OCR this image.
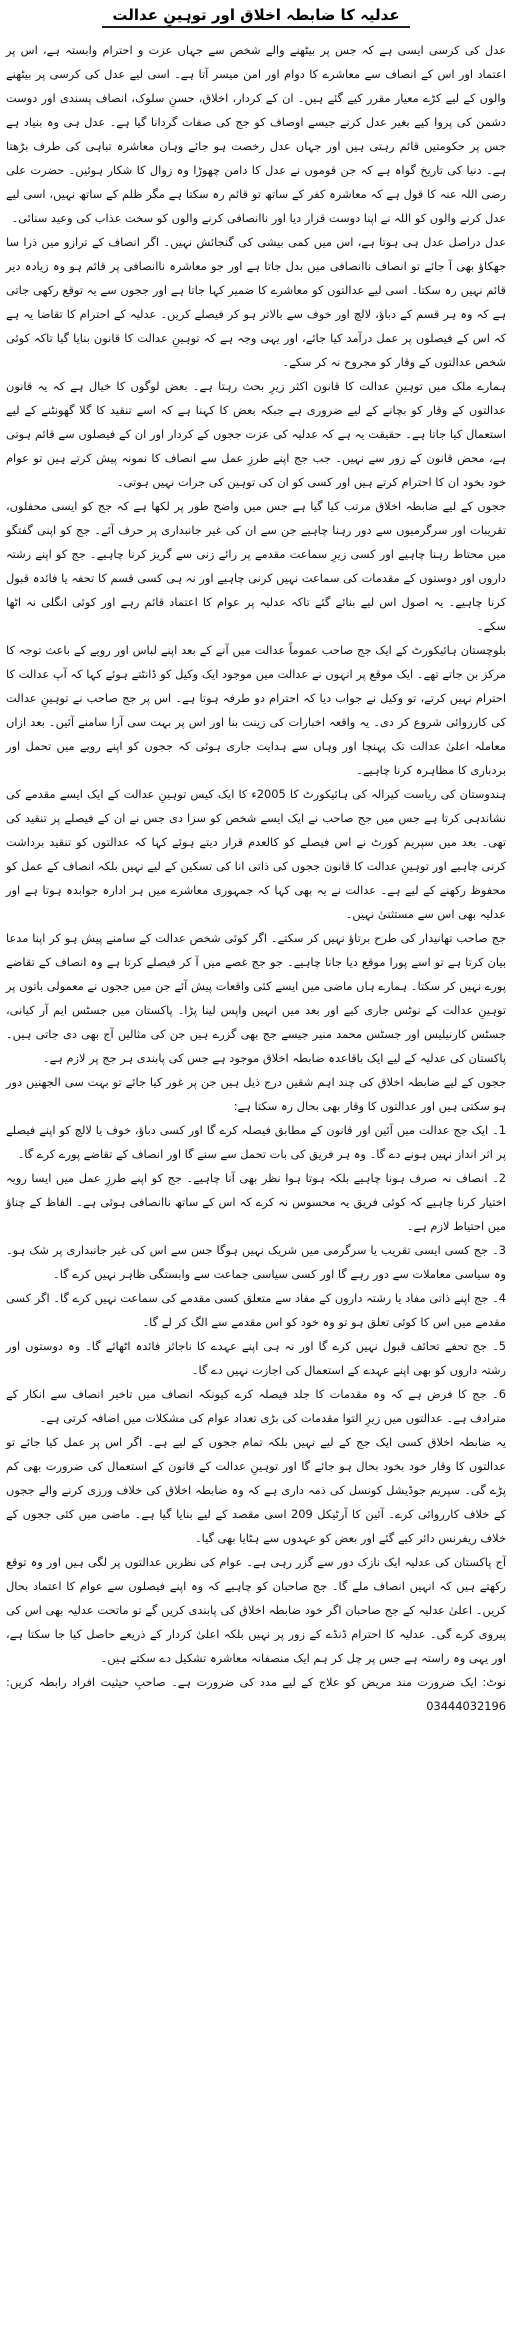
عدلیہ کا ضابطہ اخلاق اور توہینِ عدالت

عدل کی کرسی ایسی ہے کہ جس پر بیٹھنے والے شخص سے جہاں عزت و احترام وابستہ ہے، اس پر اعتماد اور اس کے انصاف سے معاشرے کا دوام اور امن میسر آتا ہے۔ اسی لیے عدل کی کرسی پر بیٹھنے والوں کے لیے کڑے معیار مقرر کیے گئے ہیں۔ ان کے کردار، اخلاق، حسنِ سلوک، انصاف پسندی اور دوست دشمن کی پروا کیے بغیر عدل کرنے جیسے اوصاف کو جج کی صفات گردانا گیا ہے۔ عدل ہی وہ بنیاد ہے جس پر حکومتیں قائم رہتی ہیں اور جہاں عدل رخصت ہو جائے وہاں معاشرہ تباہی کی طرف بڑھتا ہے۔ دنیا کی تاریخ گواہ ہے کہ جن قوموں نے عدل کا دامن چھوڑا وہ زوال کا شکار ہوئیں۔ حضرت علی رضی اللہ عنہ کا قول ہے کہ معاشرہ کفر کے ساتھ تو قائم رہ سکتا ہے مگر ظلم کے ساتھ نہیں، اسی لیے عدل کرنے والوں کو اللہ نے اپنا دوست قرار دیا اور ناانصافی کرنے والوں کو سخت عذاب کی وعید سنائی۔

عدل دراصل عدل ہی ہوتا ہے، اس میں کمی بیشی کی گنجائش نہیں۔ اگر انصاف کے ترازو میں ذرا سا جھکاؤ بھی آ جائے تو انصاف ناانصافی میں بدل جاتا ہے اور جو معاشرہ ناانصافی پر قائم ہو وہ زیادہ دیر قائم نہیں رہ سکتا۔ اسی لیے عدالتوں کو معاشرے کا ضمیر کہا جاتا ہے اور ججوں سے یہ توقع رکھی جاتی ہے کہ وہ ہر قسم کے دباؤ، لالچ اور خوف سے بالاتر ہو کر فیصلے کریں۔ عدلیہ کے احترام کا تقاضا یہ ہے کہ اس کے فیصلوں پر عمل درآمد کیا جائے، اور یہی وجہ ہے کہ توہینِ عدالت کا قانون بنایا گیا تاکہ کوئی شخص عدالتوں کے وقار کو مجروح نہ کر سکے۔

ہمارے ملک میں توہینِ عدالت کا قانون اکثر زیرِ بحث رہتا ہے۔ بعض لوگوں کا خیال ہے کہ یہ قانون عدالتوں کے وقار کو بچانے کے لیے ضروری ہے جبکہ بعض کا کہنا ہے کہ اسے تنقید کا گلا گھونٹنے کے لیے استعمال کیا جاتا ہے۔ حقیقت یہ ہے کہ عدلیہ کی عزت ججوں کے کردار اور ان کے فیصلوں سے قائم ہوتی ہے، محض قانون کے زور سے نہیں۔ جب جج اپنے طرزِ عمل سے انصاف کا نمونہ پیش کرتے ہیں تو عوام خود بخود ان کا احترام کرتے ہیں اور کسی کو ان کی توہین کی جرات نہیں ہوتی۔

ججوں کے لیے ضابطہ اخلاق مرتب کیا گیا ہے جس میں واضح طور پر لکھا ہے کہ جج کو ایسی محفلوں، تقریبات اور سرگرمیوں سے دور رہنا چاہیے جن سے ان کی غیر جانبداری پر حرف آئے۔ جج کو اپنی گفتگو میں محتاط رہنا چاہیے اور کسی زیرِ سماعت مقدمے پر رائے زنی سے گریز کرنا چاہیے۔ جج کو اپنے رشتہ داروں اور دوستوں کے مقدمات کی سماعت نہیں کرنی چاہیے اور نہ ہی کسی قسم کا تحفہ یا فائدہ قبول کرنا چاہیے۔ یہ اصول اس لیے بنائے گئے تاکہ عدلیہ پر عوام کا اعتماد قائم رہے اور کوئی انگلی نہ اٹھا سکے۔

بلوچستان ہائیکورٹ کے ایک جج صاحب عموماً عدالت میں آنے کے بعد اپنے لباس اور رویے کے باعث توجہ کا مرکز بن جاتے تھے۔ ایک موقع پر انہوں نے عدالت میں موجود ایک وکیل کو ڈانٹتے ہوئے کہا کہ آپ عدالت کا احترام نہیں کرتے، تو وکیل نے جواب دیا کہ احترام دو طرفہ ہوتا ہے۔ اس پر جج صاحب نے توہینِ عدالت کی کارروائی شروع کر دی۔ یہ واقعہ اخبارات کی زینت بنا اور اس پر بہت سی آرا سامنے آئیں۔ بعد ازاں معاملہ اعلیٰ عدالت تک پہنچا اور وہاں سے ہدایت جاری ہوئی کہ ججوں کو اپنے رویے میں تحمل اور بردباری کا مظاہرہ کرنا چاہیے۔

ہندوستان کی ریاست کیرالہ کی ہائیکورٹ کا 2005ء کا ایک کیس توہینِ عدالت کے ایک ایسے مقدمے کی نشاندہی کرتا ہے جس میں جج صاحب نے ایک ایسے شخص کو سزا دی جس نے ان کے فیصلے پر تنقید کی تھی۔ بعد میں سپریم کورٹ نے اس فیصلے کو کالعدم قرار دیتے ہوئے کہا کہ عدالتوں کو تنقید برداشت کرنی چاہیے اور توہینِ عدالت کا قانون ججوں کی ذاتی انا کی تسکین کے لیے نہیں بلکہ انصاف کے عمل کو محفوظ رکھنے کے لیے ہے۔ عدالت نے یہ بھی کہا کہ جمہوری معاشرے میں ہر ادارہ جوابدہ ہوتا ہے اور عدلیہ بھی اس سے مستثنیٰ نہیں۔

جج صاحب تھانیدار کی طرح برتاؤ نہیں کر سکتے۔ اگر کوئی شخص عدالت کے سامنے پیش ہو کر اپنا مدعا بیان کرتا ہے تو اسے پورا موقع دیا جانا چاہیے۔ جو جج غصے میں آ کر فیصلے کرتا ہے وہ انصاف کے تقاضے پورے نہیں کر سکتا۔ ہمارے ہاں ماضی میں ایسے کئی واقعات پیش آئے جن میں ججوں نے معمولی باتوں پر توہینِ عدالت کے نوٹس جاری کیے اور بعد میں انہیں واپس لینا پڑا۔ پاکستان میں جسٹس ایم آر کیانی، جسٹس کارنیلیس اور جسٹس محمد منیر جیسے جج بھی گزرے ہیں جن کی مثالیں آج بھی دی جاتی ہیں۔ پاکستان کی عدلیہ کے لیے ایک باقاعدہ ضابطہ اخلاق موجود ہے جس کی پابندی ہر جج پر لازم ہے۔

ججوں کے لیے ضابطہ اخلاق کی چند اہم شقیں درج ذیل ہیں جن پر غور کیا جائے تو بہت سی الجھنیں دور ہو سکتی ہیں اور عدالتوں کا وقار بھی بحال رہ سکتا ہے:

1۔ ایک جج عدالت میں آئین اور قانون کے مطابق فیصلہ کرے گا اور کسی دباؤ، خوف یا لالچ کو اپنے فیصلے پر اثر انداز نہیں ہونے دے گا۔ وہ ہر فریق کی بات تحمل سے سنے گا اور انصاف کے تقاضے پورے کرے گا۔

2۔ انصاف نہ صرف ہونا چاہیے بلکہ ہوتا ہوا نظر بھی آنا چاہیے۔ جج کو اپنے طرزِ عمل میں ایسا رویہ اختیار کرنا چاہیے کہ کوئی فریق یہ محسوس نہ کرے کہ اس کے ساتھ ناانصافی ہوئی ہے۔ الفاظ کے چناؤ میں احتیاط لازم ہے۔

3۔ جج کسی ایسی تقریب یا سرگرمی میں شریک نہیں ہوگا جس سے اس کی غیر جانبداری پر شک ہو۔ وہ سیاسی معاملات سے دور رہے گا اور کسی سیاسی جماعت سے وابستگی ظاہر نہیں کرے گا۔

4۔ جج اپنے ذاتی مفاد یا رشتہ داروں کے مفاد سے متعلق کسی مقدمے کی سماعت نہیں کرے گا۔ اگر کسی مقدمے میں اس کا کوئی تعلق ہو تو وہ خود کو اس مقدمے سے الگ کر لے گا۔

5۔ جج تحفے تحائف قبول نہیں کرے گا اور نہ ہی اپنے عہدے کا ناجائز فائدہ اٹھائے گا۔ وہ دوستوں اور رشتہ داروں کو بھی اپنے عہدے کے استعمال کی اجازت نہیں دے گا۔

6۔ جج کا فرض ہے کہ وہ مقدمات کا جلد فیصلہ کرے کیونکہ انصاف میں تاخیر انصاف سے انکار کے مترادف ہے۔ عدالتوں میں زیرِ التوا مقدمات کی بڑی تعداد عوام کی مشکلات میں اضافہ کرتی ہے۔

یہ ضابطہ اخلاق کسی ایک جج کے لیے نہیں بلکہ تمام ججوں کے لیے ہے۔ اگر اس پر عمل کیا جائے تو عدالتوں کا وقار خود بخود بحال ہو جائے گا اور توہینِ عدالت کے قانون کے استعمال کی ضرورت بھی کم پڑے گی۔ سپریم جوڈیشل کونسل کی ذمہ داری ہے کہ وہ ضابطہ اخلاق کی خلاف ورزی کرنے والے ججوں کے خلاف کارروائی کرے۔ آئین کا آرٹیکل 209 اسی مقصد کے لیے بنایا گیا ہے۔ ماضی میں کئی ججوں کے خلاف ریفرنس دائر کیے گئے اور بعض کو عہدوں سے ہٹایا بھی گیا۔

آج پاکستان کی عدلیہ ایک نازک دور سے گزر رہی ہے۔ عوام کی نظریں عدالتوں پر لگی ہیں اور وہ توقع رکھتے ہیں کہ انہیں انصاف ملے گا۔ جج صاحبان کو چاہیے کہ وہ اپنے فیصلوں سے عوام کا اعتماد بحال کریں۔ اعلیٰ عدلیہ کے جج صاحبان اگر خود ضابطہ اخلاق کی پابندی کریں گے تو ماتحت عدلیہ بھی اس کی پیروی کرے گی۔ عدلیہ کا احترام ڈنڈے کے زور پر نہیں بلکہ اعلیٰ کردار کے ذریعے حاصل کیا جا سکتا ہے، اور یہی وہ راستہ ہے جس پر چل کر ہم ایک منصفانہ معاشرہ تشکیل دے سکتے ہیں۔

نوٹ: ایک ضرورت مند مریض کو علاج کے لیے مدد کی ضرورت ہے۔ صاحبِ حیثیت افراد رابطہ کریں: 03444032196
